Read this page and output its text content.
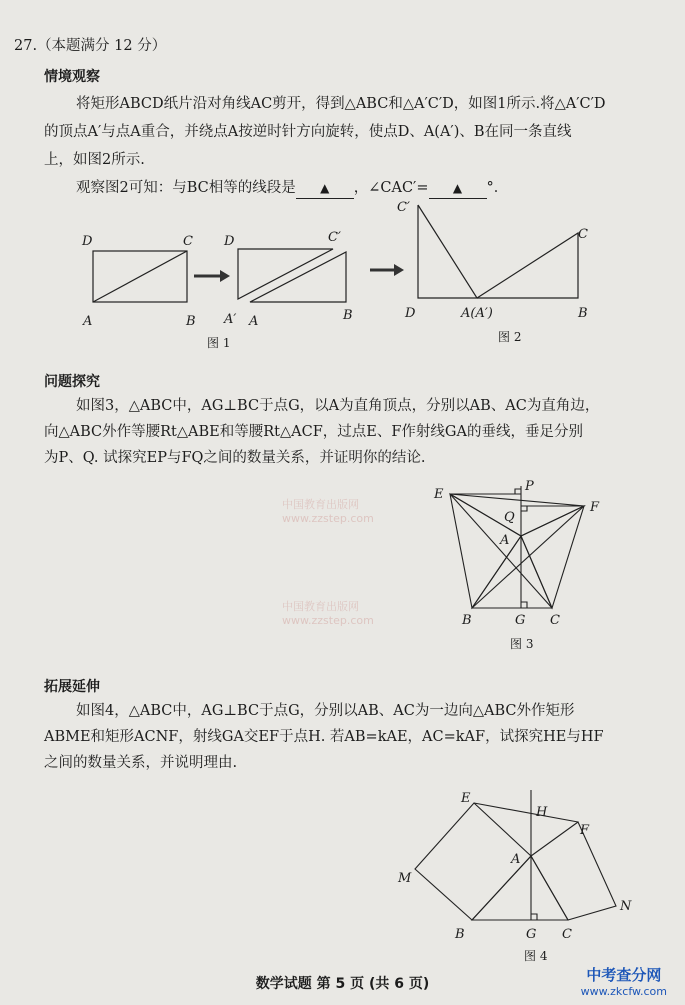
27.（本题满分 12 分）
情境观察
将矩形ABCD纸片沿对角线AC剪开，得到△ABC和△A′C′D，如图1所示.将△A′C′D
的顶点A′与点A重合，并绕点A按逆时针方向旋转，使点D、A(A′)、B在同一条直线
上，如图2所示.
观察图2可知：与BC相等的线段是 ▲ ，∠CAC′= ▲ °．
D	C
A	B
D	C′
A′ A	B
图 1
C′
C
D	A(A′)	B
图 2
问题探究
如图3，△ABC中，AG⊥BC于点G，以A为直角顶点，分别以AB、AC为直角边，
向△ABC外作等腰Rt△ABE和等腰Rt△ACF，过点E、F作射线GA的垂线，垂足分别
为P、Q. 试探究EP与FQ之间的数量关系，并证明你的结论.
中国教育出版网
www.zzstep.com
中国教育出版网
www.zzstep.com
E
P
F
Q
A
B	G C
图 3
拓展延伸
如图4，△ABC中，AG⊥BC于点G，分别以AB、AC为一边向△ABC外作矩形
ABME和矩形ACNF，射线GA交EF于点H. 若AB=kAE，AC=kAF，试探究HE与HF
之间的数量关系，并说明理由.
E
H
F
M
A
N
B	G C
图 4
数学试题 第 5 页 (共 6 页)	中考查分网
www.zkcfw.com
